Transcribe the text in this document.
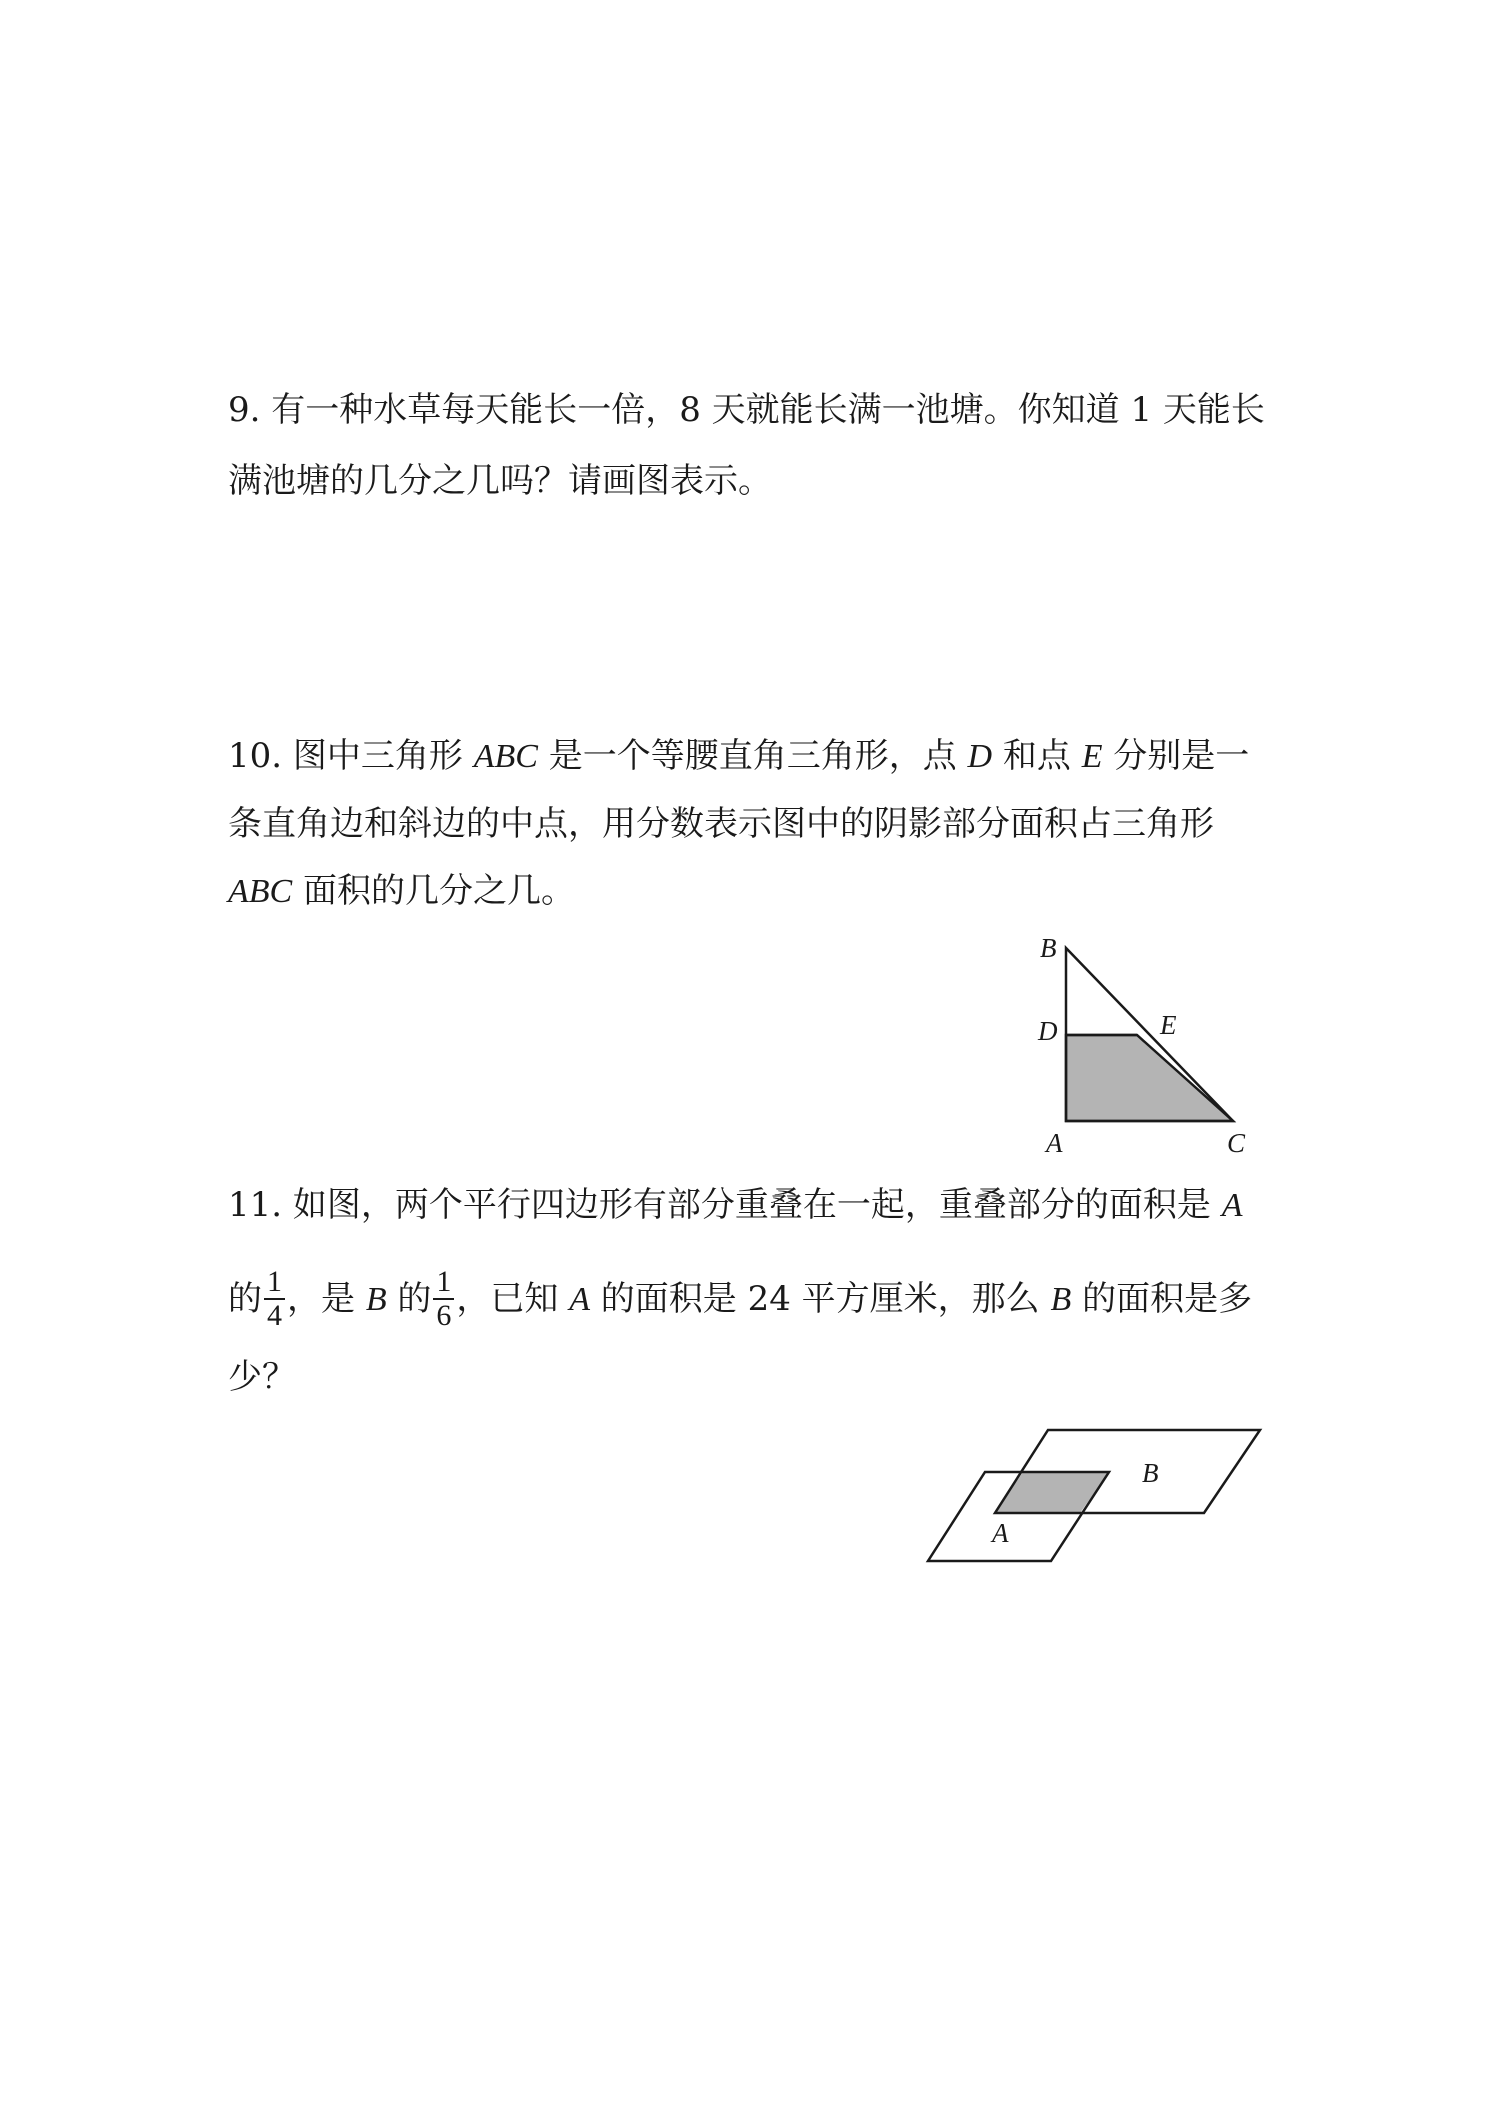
9. 有一种水草每天能长一倍，8 天就能长满一池塘。你知道 1 天能长
满池塘的几分之几吗？请画图表示。
10. 图中三角形 ABC 是一个等腰直角三角形，点 D 和点 E 分别是一
条直角边和斜边的中点，用分数表示图中的阴影部分面积占三角形
ABC 面积的几分之几。
B
D	E
A	C
11. 如图，两个平行四边形有部分重叠在一起，重叠部分的面积是 A
的 $\frac{1}{4}$ ，是 B 的 $\frac{1}{6}$ ，已知 A 的面积是 24 平方厘米，那么 B 的面积是多
少？
B
A
